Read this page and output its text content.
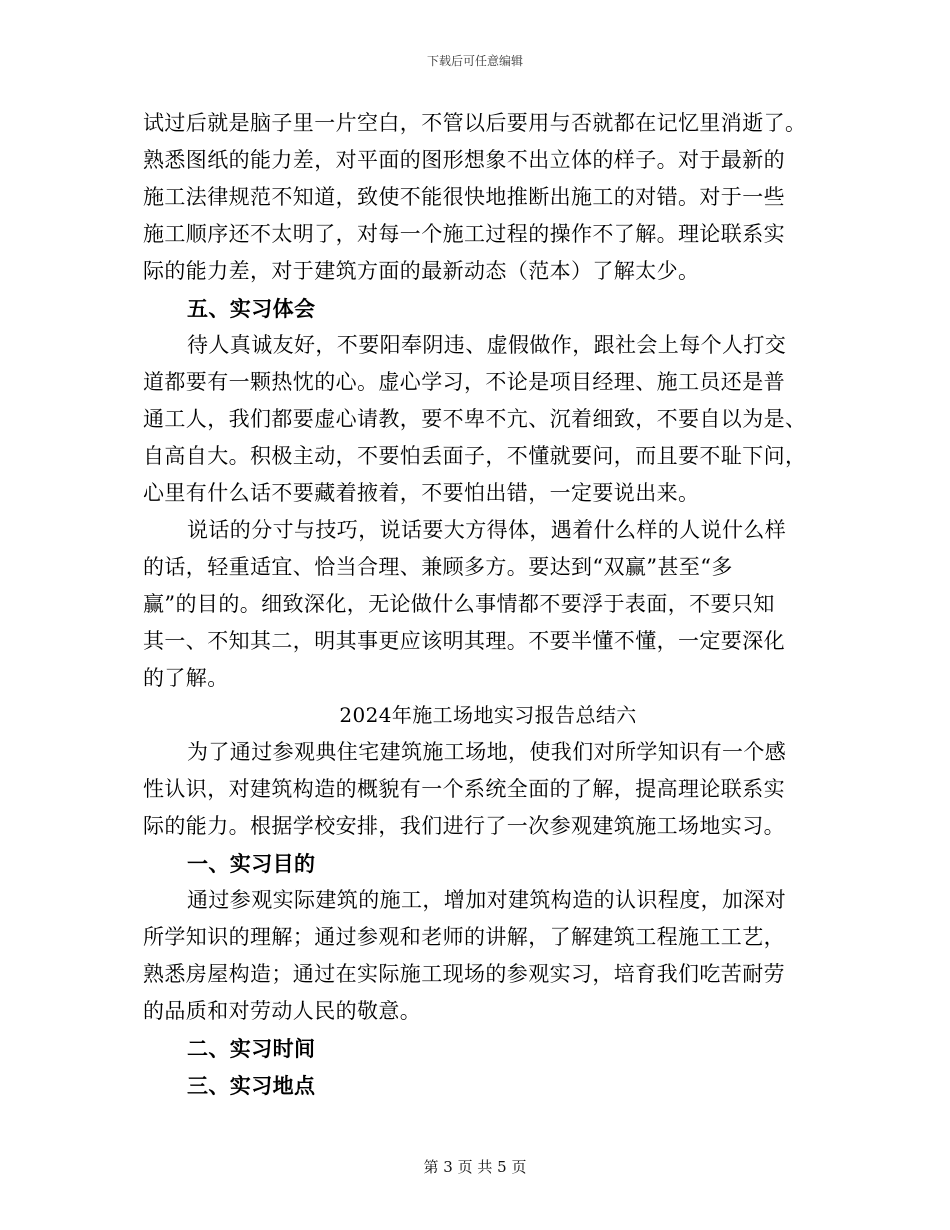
下载后可任意编辑
试过后就是脑子里一片空白，不管以后要用与否就都在记忆里消逝了。
熟悉图纸的能力差，对平面的图形想象不出立体的样子。对于最新的
施工法律规范不知道，致使不能很快地推断出施工的对错。对于一些
施工顺序还不太明了，对每一个施工过程的操作不了解。理论联系实
际的能力差，对于建筑方面的最新动态（范本）了解太少。
五、实习体会
待人真诚友好，不要阳奉阴违、虚假做作，跟社会上每个人打交
道都要有一颗热忱的心。虚心学习，不论是项目经理、施工员还是普
通工人，我们都要虚心请教，要不卑不亢、沉着细致，不要自以为是、
自高自大。积极主动，不要怕丢面子，不懂就要问，而且要不耻下问，
心里有什么话不要藏着掖着，不要怕出错，一定要说出来。
说话的分寸与技巧，说话要大方得体，遇着什么样的人说什么样
的话，轻重适宜、恰当合理、兼顾多方。要达到“双赢”甚至“多
赢”的目的。细致深化，无论做什么事情都不要浮于表面，不要只知
其一、不知其二，明其事更应该明其理。不要半懂不懂，一定要深化
的了解。
2024年施工场地实习报告总结六
为了通过参观典住宅建筑施工场地，使我们对所学知识有一个感
性认识，对建筑构造的概貌有一个系统全面的了解，提高理论联系实
际的能力。根据学校安排，我们进行了一次参观建筑施工场地实习。
一、实习目的
通过参观实际建筑的施工，增加对建筑构造的认识程度，加深对
所学知识的理解；通过参观和老师的讲解，了解建筑工程施工工艺，
熟悉房屋构造；通过在实际施工现场的参观实习，培育我们吃苦耐劳
的品质和对劳动人民的敬意。
二、实习时间
三、实习地点
第 3 页 共 5 页
